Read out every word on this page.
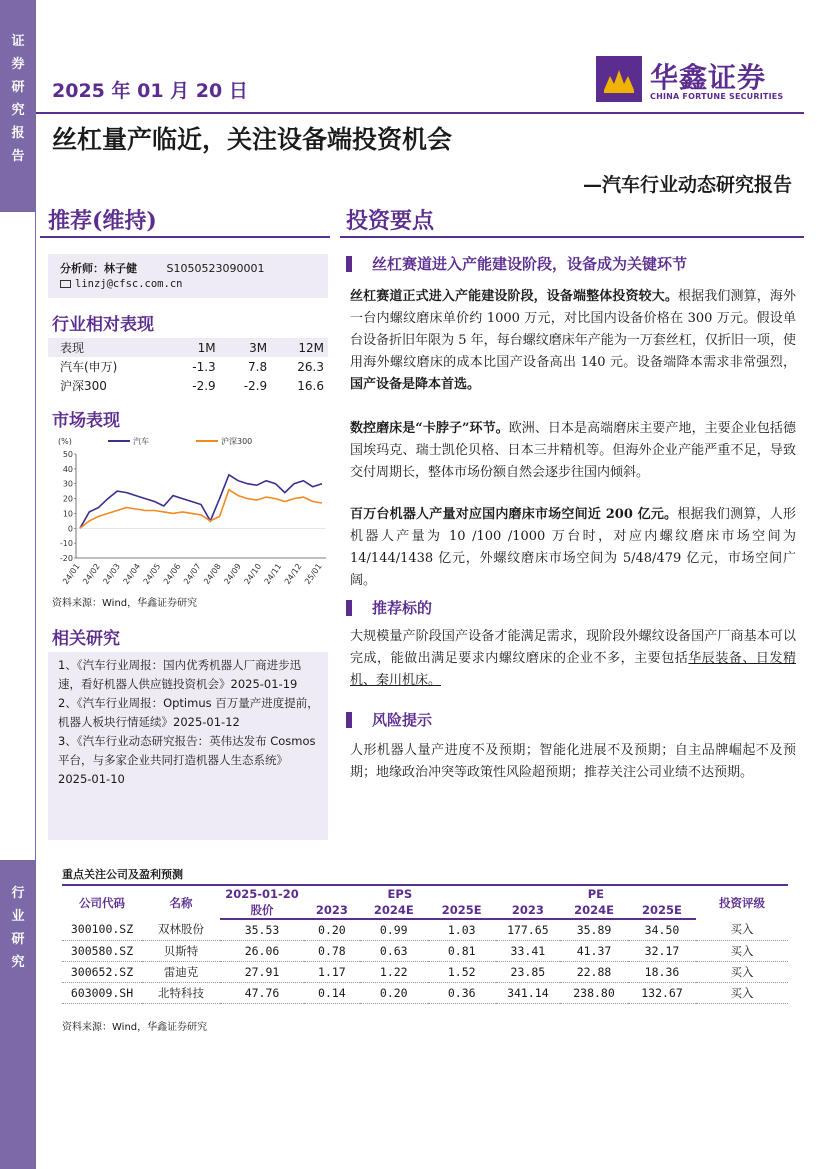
证
券
研
究
报
告
行
业
研
究
2025 年 01 月 20 日	华鑫证券
CHINA FORTUNE SECURITIES
丝杠量产临近，关注设备端投资机会
—汽车行业动态研究报告
推荐(维持)	投资要点
分析师：林子健	S1050523090001
linzj@cfsc.com.cn
行业相对表现
表现	1M	3M	12M
汽车(申万)	-1.3	7.8	26.3
沪深300	-2.9	-2.9	16.6
市场表现
(%)
50
40
30
20
10
0
-10
-20
24/01 24/02 24/03 24/04 24/05 24/06 24/07 24/08 24/09 24/10 24/11 24/12 25/01
汽车	沪深300
资料来源：Wind，华鑫证券研究
相关研究
1、《汽车行业周报：国内优秀机器人厂商进步迅速，看好机器人供应链投资机会》2025-01-19
2、《汽车行业周报：Optimus 百万量产进度提前，机器人板块行情延续》2025-01-12
3、《汽车行业动态研究报告：英伟达发布 Cosmos 平台，与多家企业共同打造机器人生态系统》2025-01-10
丝杠赛道进入产能建设阶段，设备成为关键环节
丝杠赛道正式进入产能建设阶段，设备端整体投资较大。根据我们测算，海外一台内螺纹磨床单价约 1000 万元，对比国内设备价格在 300 万元。假设单台设备折旧年限为 5 年，每台螺纹磨床年产能为一万套丝杠，仅折旧一项，使用海外螺纹磨床的成本比国产设备高出 140 元。设备端降本需求非常强烈，国产设备是降本首选。
数控磨床是“卡脖子”环节。欧洲、日本是高端磨床主要产地，主要企业包括德国埃玛克、瑞士凯伦贝格、日本三井精机等。但海外企业产能严重不足，导致交付周期长，整体市场份额自然会逐步往国内倾斜。
百万台机器人产量对应国内磨床市场空间近 200 亿元。根据我们测算，人形机器人产量为 10 /100 /1000 万台时，对应内螺纹磨床市场空间为 14/144/1438 亿元，外螺纹磨床市场空间为 5/48/479 亿元，市场空间广阔。
推荐标的
大规模量产阶段国产设备才能满足需求，现阶段外螺纹设备国产厂商基本可以完成，能做出满足要求内螺纹磨床的企业不多，主要包括华辰装备、日发精机、秦川机床。
风险提示
人形机器人量产进度不及预期；智能化进展不及预期；自主品牌崛起不及预期；地缘政治冲突等政策性风险超预期；推荐关注公司业绩不达预期。
重点关注公司及盈利预测
公司代码	名称	2025-01-20	EPS			PE			投资评级
		股价	2023	2024E	2025E	2023	2024E	2025E	
300100.SZ	双林股份	35.53	0.20	0.99	1.03	177.65	35.89	34.50	买入
300580.SZ	贝斯特	26.06	0.78	0.63	0.81	33.41	41.37	32.17	买入
300652.SZ	雷迪克	27.91	1.17	1.22	1.52	23.85	22.88	18.36	买入
603009.SH	北特科技	47.76	0.14	0.20	0.36	341.14	238.80	132.67	买入
资料来源：Wind，华鑫证券研究
